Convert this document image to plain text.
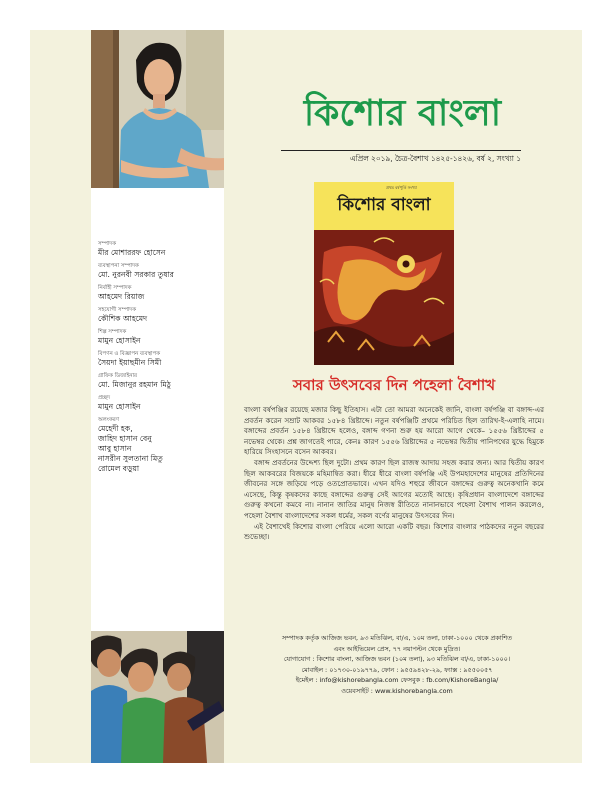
সম্পাদক
মীর মোশাররফ হোসেন
ব্যবস্থাপনা সম্পাদক
মো. নুরনবী সরকার তুষার
নির্বাহী সম্পাদক
আহমেদ রিয়াজ
সহযোগী সম্পাদক
কৌশিক আহমেদ
শিল্প সম্পাদক
মামুন হোসাইন
বিপণন ও বিজ্ঞাপন ব্যবস্থাপক
সৈয়দা ইয়াছমীন সিমী
গ্রাফিক ডিজাইনার
মো. মিজানুর রহমান মিঠু
প্রচ্ছদ
মামুন হোসাইন
অলংকরণ
মেহেদী হক,
জাহিদ হাসান বেনু
আবু হাসান
নাসরীন সুলতানা মিতু
রোমেল বড়ুয়া
কিশোর বাংলা
এপ্রিল ২০১৯, চৈত্র-বৈশাখ ১৪২৫-১৪২৬, বর্ষ ২, সংখ্যা ১
প্রথম বর্ষপূর্তি সংখ্যা
কিশোর বাংলা
সবার উৎসবের দিন পহেলা বৈশাখ

বাংলা বর্ষপঞ্জির রয়েছে মজার কিছু ইতিহাস। এটা তো আমরা অনেকেই জানি, বাংলা বর্ষপঞ্জি বা বঙ্গাব্দ-এর প্রবর্তন করেন সম্রাট আকবর ১৫৮৪ খ্রিষ্টাব্দে। নতুন বর্ষপঞ্জিটি প্রথমে পরিচিত ছিল তারিখ-ই-এলাহি নামে। বঙ্গাব্দের প্রবর্তন ১৫৮৪ খ্রিষ্টাব্দে হলেও, বঙ্গাব্দ গণনা শুরু হয় আরো আগে থেকে– ১৫৫৬ খ্রিষ্টাব্দের ৫ নভেম্বর থেকে। প্রশ্ন জাগতেই পারে, কেনঃ কারণ ১৫৫৬ খ্রিষ্টাব্দের ৫ নভেম্বর দ্বিতীয় পানিপথের যুদ্ধে হিমুকে হারিয়ে সিংহাসনে বসেন আকবর।

বঙ্গাব্দ প্রবর্তনের উদ্দেশ্য ছিল দুটো। প্রথম কারণ ছিল রাজস্ব আদায় সহজ করার জন্য। আর দ্বিতীয় কারণ ছিল আকবরের বিজয়কে মহিমান্বিত করা। ধীরে ধীরে বাংলা বর্ষপঞ্জি এই উপমহাদেশের মানুষের প্রতিদিনের জীবনের সঙ্গে জড়িয়ে পড়ে ওতপ্রোতভাবে। এখন যদিও শহুরে জীবনে বঙ্গাব্দের গুরুত্ব অনেকখানি কমে এসেছে, কিন্তু কৃষকদের কাছে বঙ্গাব্দের গুরুত্ব সেই আগের মতোই আছে। কৃষিপ্রধান বাংলাদেশে বঙ্গাব্দের গুরুত্ব কখনো কমবে না। নানান জাতির মানুষ নিজস্ব রীতিতে নানানভাবে পহেলা বৈশাখ পালন করলেও, পহেলা বৈশাখ বাংলাদেশের সকল ধর্মের, সকল বর্ণের মানুষের উৎসবের দিন।

এই বৈশাখেই কিশোর বাংলা পেরিয়ে এলো আরো একটি বছর। কিশোর বাংলার পাঠকদের নতুন বছরের শুভেচ্ছা।

সম্পাদক কর্তৃক আজিজ ভবন, ৯৩ মতিঝিল, বা/এ, ১০ম তলা, ঢাকা-১০০০ থেকে প্রকাশিত
এবং আইভিয়েল প্রেস, ৭৭ নয়াপল্টন থেকে মুদ্রিত।
যোগাযোগ : কিশোর বাংলা, আজিজ ভবন (১০ম তলা), ৯৩ মতিঝিল বা/এ, ঢাকা-১০০০।
মোবাইল : ০১৭৩০-০১৯৭৭৯, ফোন : ৯৫৫৯৪২৮-২৯, ফ্যাক্স : ৯৫৫০০৫৭
ইমেইল : info@kishorebangla.com ফেসবুক : fb.com/KishoreBangla/
ওয়েবসাইট : www.kishorebangla.com
